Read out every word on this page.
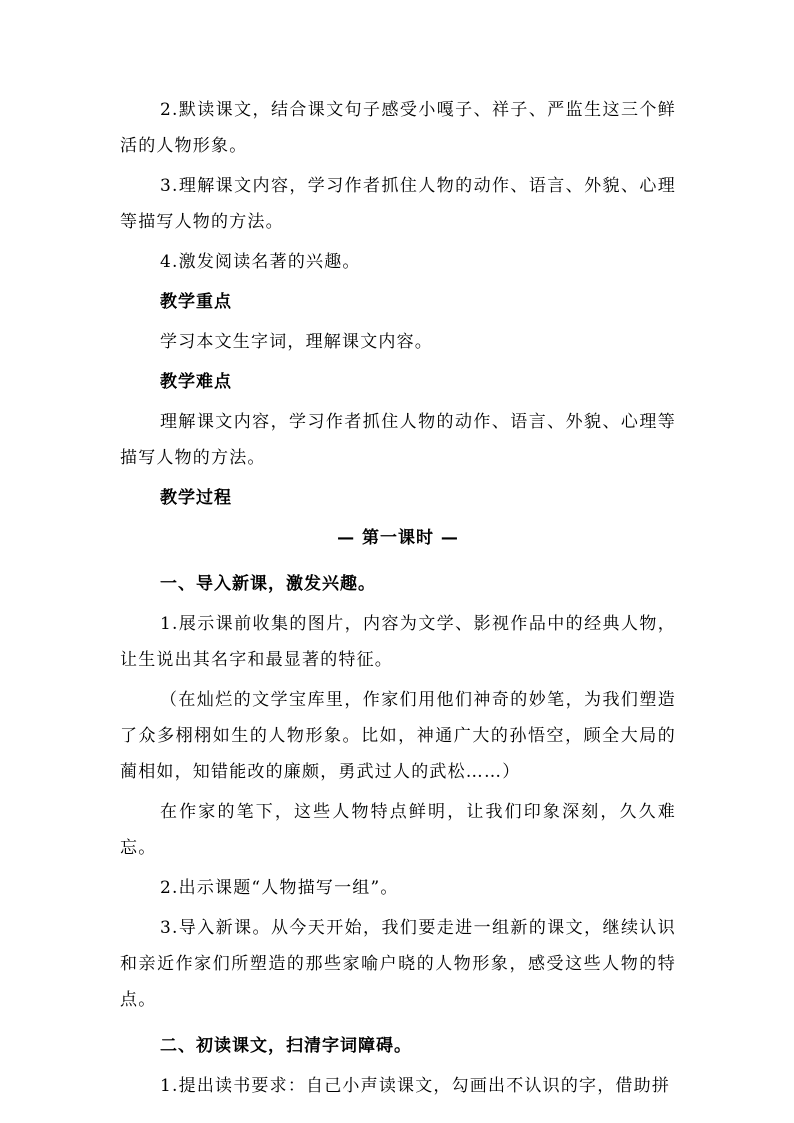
2.默读课文，结合课文句子感受小嘎子、祥子、严监生这三个鲜活的人物形象。

3.理解课文内容，学习作者抓住人物的动作、语言、外貌、心理等描写人物的方法。

4.激发阅读名著的兴趣。

教学重点

学习本文生字词，理解课文内容。

教学难点

理解课文内容，学习作者抓住人物的动作、语言、外貌、心理等描写人物的方法。

教学过程

— 第一课时 —

一、导入新课，激发兴趣。

1.展示课前收集的图片，内容为文学、影视作品中的经典人物，让生说出其名字和最显著的特征。

（在灿烂的文学宝库里，作家们用他们神奇的妙笔，为我们塑造了众多栩栩如生的人物形象。比如，神通广大的孙悟空，顾全大局的蔺相如，知错能改的廉颇，勇武过人的武松……）

在作家的笔下，这些人物特点鲜明，让我们印象深刻，久久难忘。

2.出示课题“人物描写一组”。

3.导入新课。从今天开始，我们要走进一组新的课文，继续认识和亲近作家们所塑造的那些家喻户晓的人物形象，感受这些人物的特点。

二、初读课文，扫清字词障碍。

1.提出读书要求：自己小声读课文，勾画出不认识的字，借助拼
